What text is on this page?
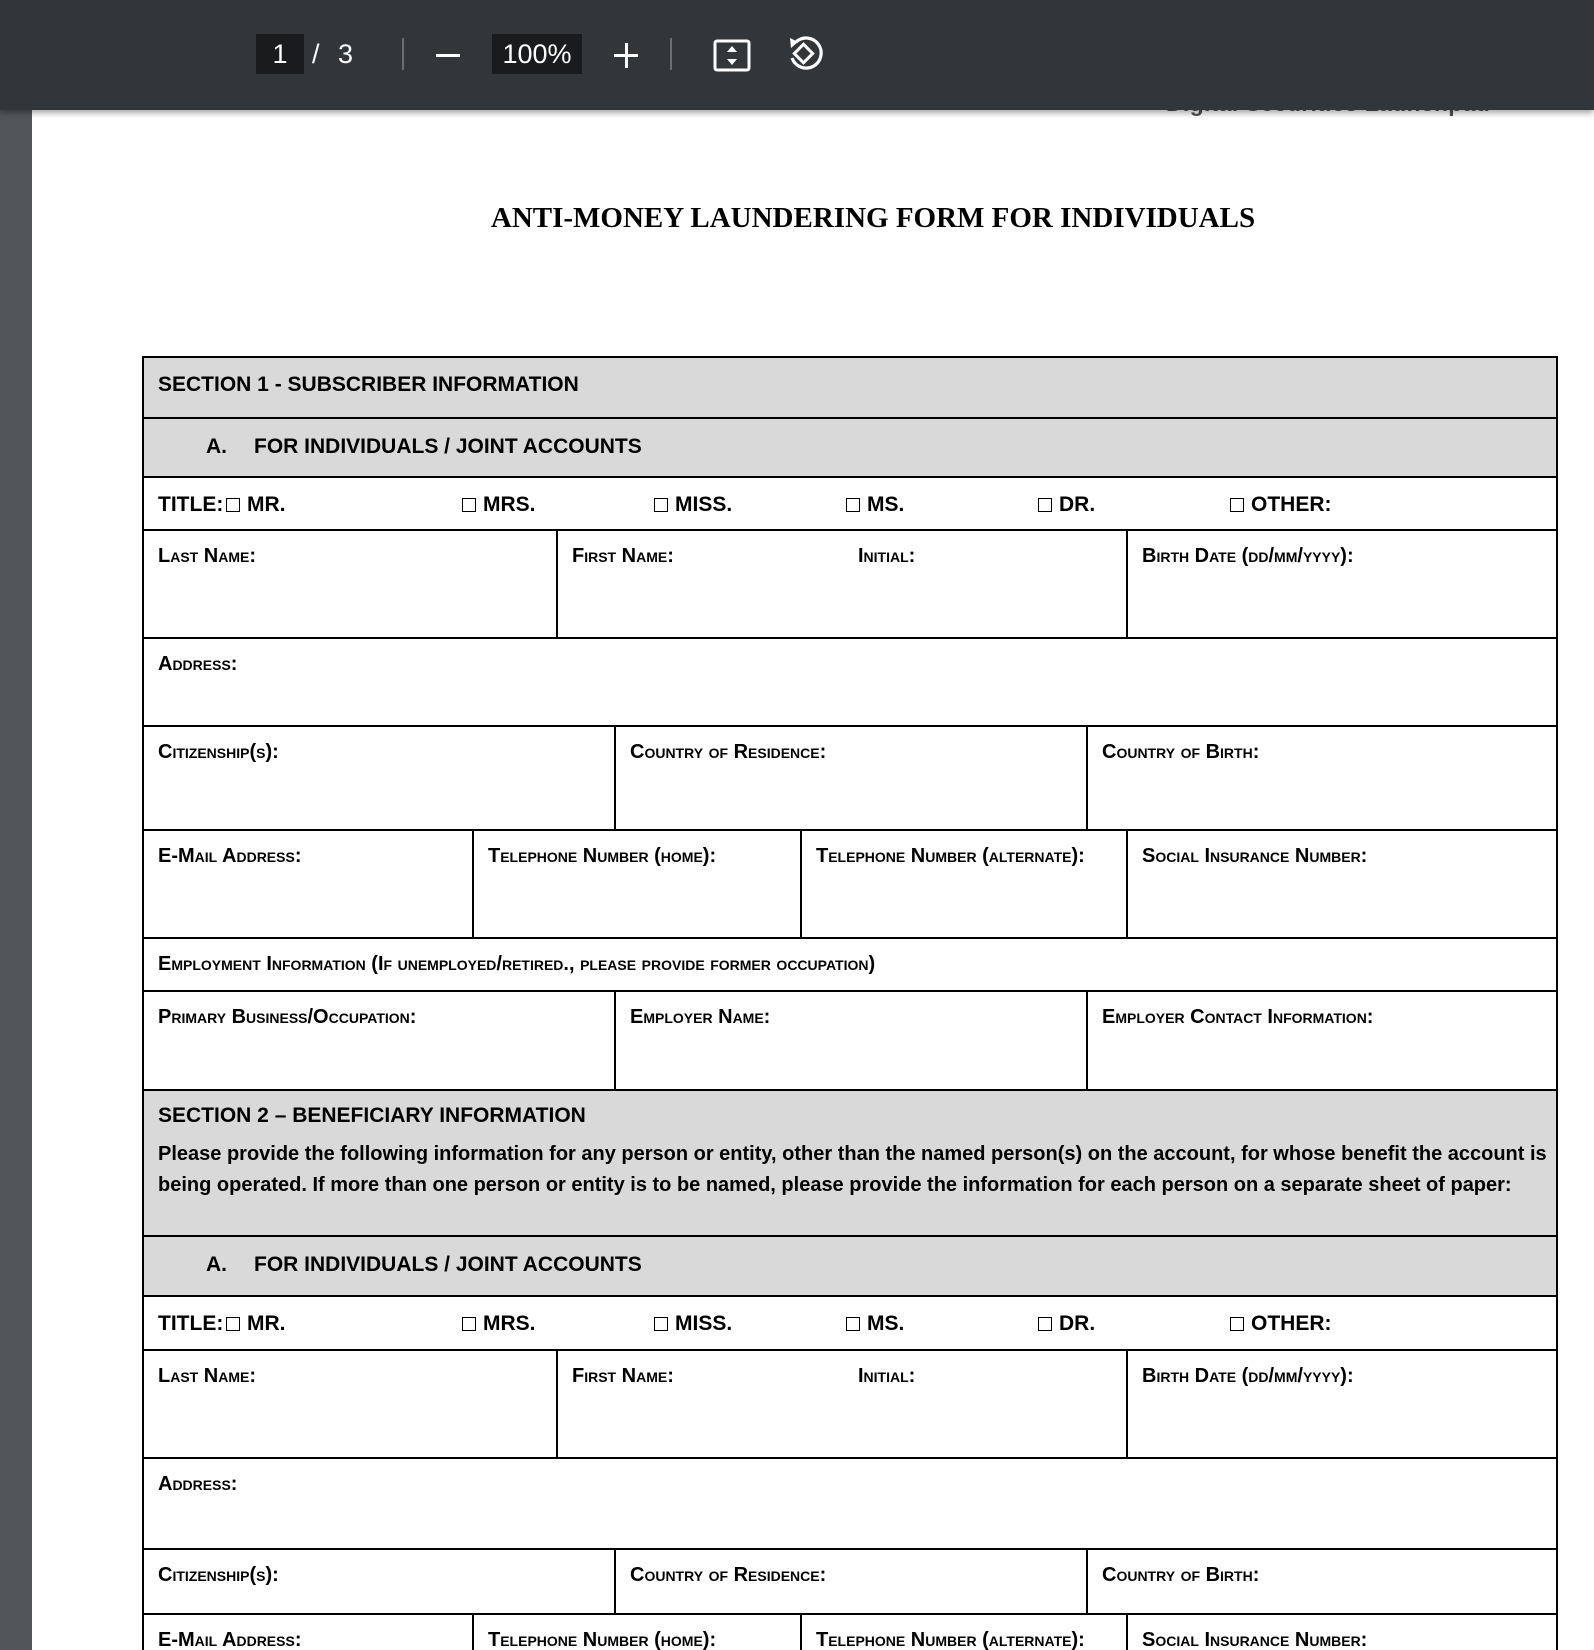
1 / 3	100%
ANTI-MONEY LAUNDERING FORM FOR INDIVIDUALS
SECTION 1 - SUBSCRIBER INFORMATION
A. FOR INDIVIDUALS / JOINT ACCOUNTS
TITLE:	MR.	MRS.	MISS.	MS.	DR.	OTHER:
Last Name:	First Name:	Initial:	Birth Date (dd/mm/yyyy):
Address:
Citizenship(s):	Country of Residence:	Country of Birth:
E-Mail Address:	Telephone Number (home):	Telephone Number (alternate):	Social Insurance Number:
Employment Information (If unemployed/retired., please provide former occupation)
Primary Business/Occupation:	Employer Name:	Employer Contact Information:
SECTION 2 – BENEFICIARY INFORMATION
Please provide the following information for any person or entity, other than the named person(s) on the account, for whose benefit the account is being operated. If more than one person or entity is to be named, please provide the information for each person on a separate sheet of paper:
A. FOR INDIVIDUALS / JOINT ACCOUNTS
TITLE:	MR.	MRS.	MISS.	MS.	DR.	OTHER:
Last Name:	First Name:	Initial:	Birth Date (dd/mm/yyyy):
Address:
Citizenship(s):	Country of Residence:	Country of Birth:
E-Mail Address:	Telephone Number (home):	Telephone Number (alternate):	Social Insurance Number:
